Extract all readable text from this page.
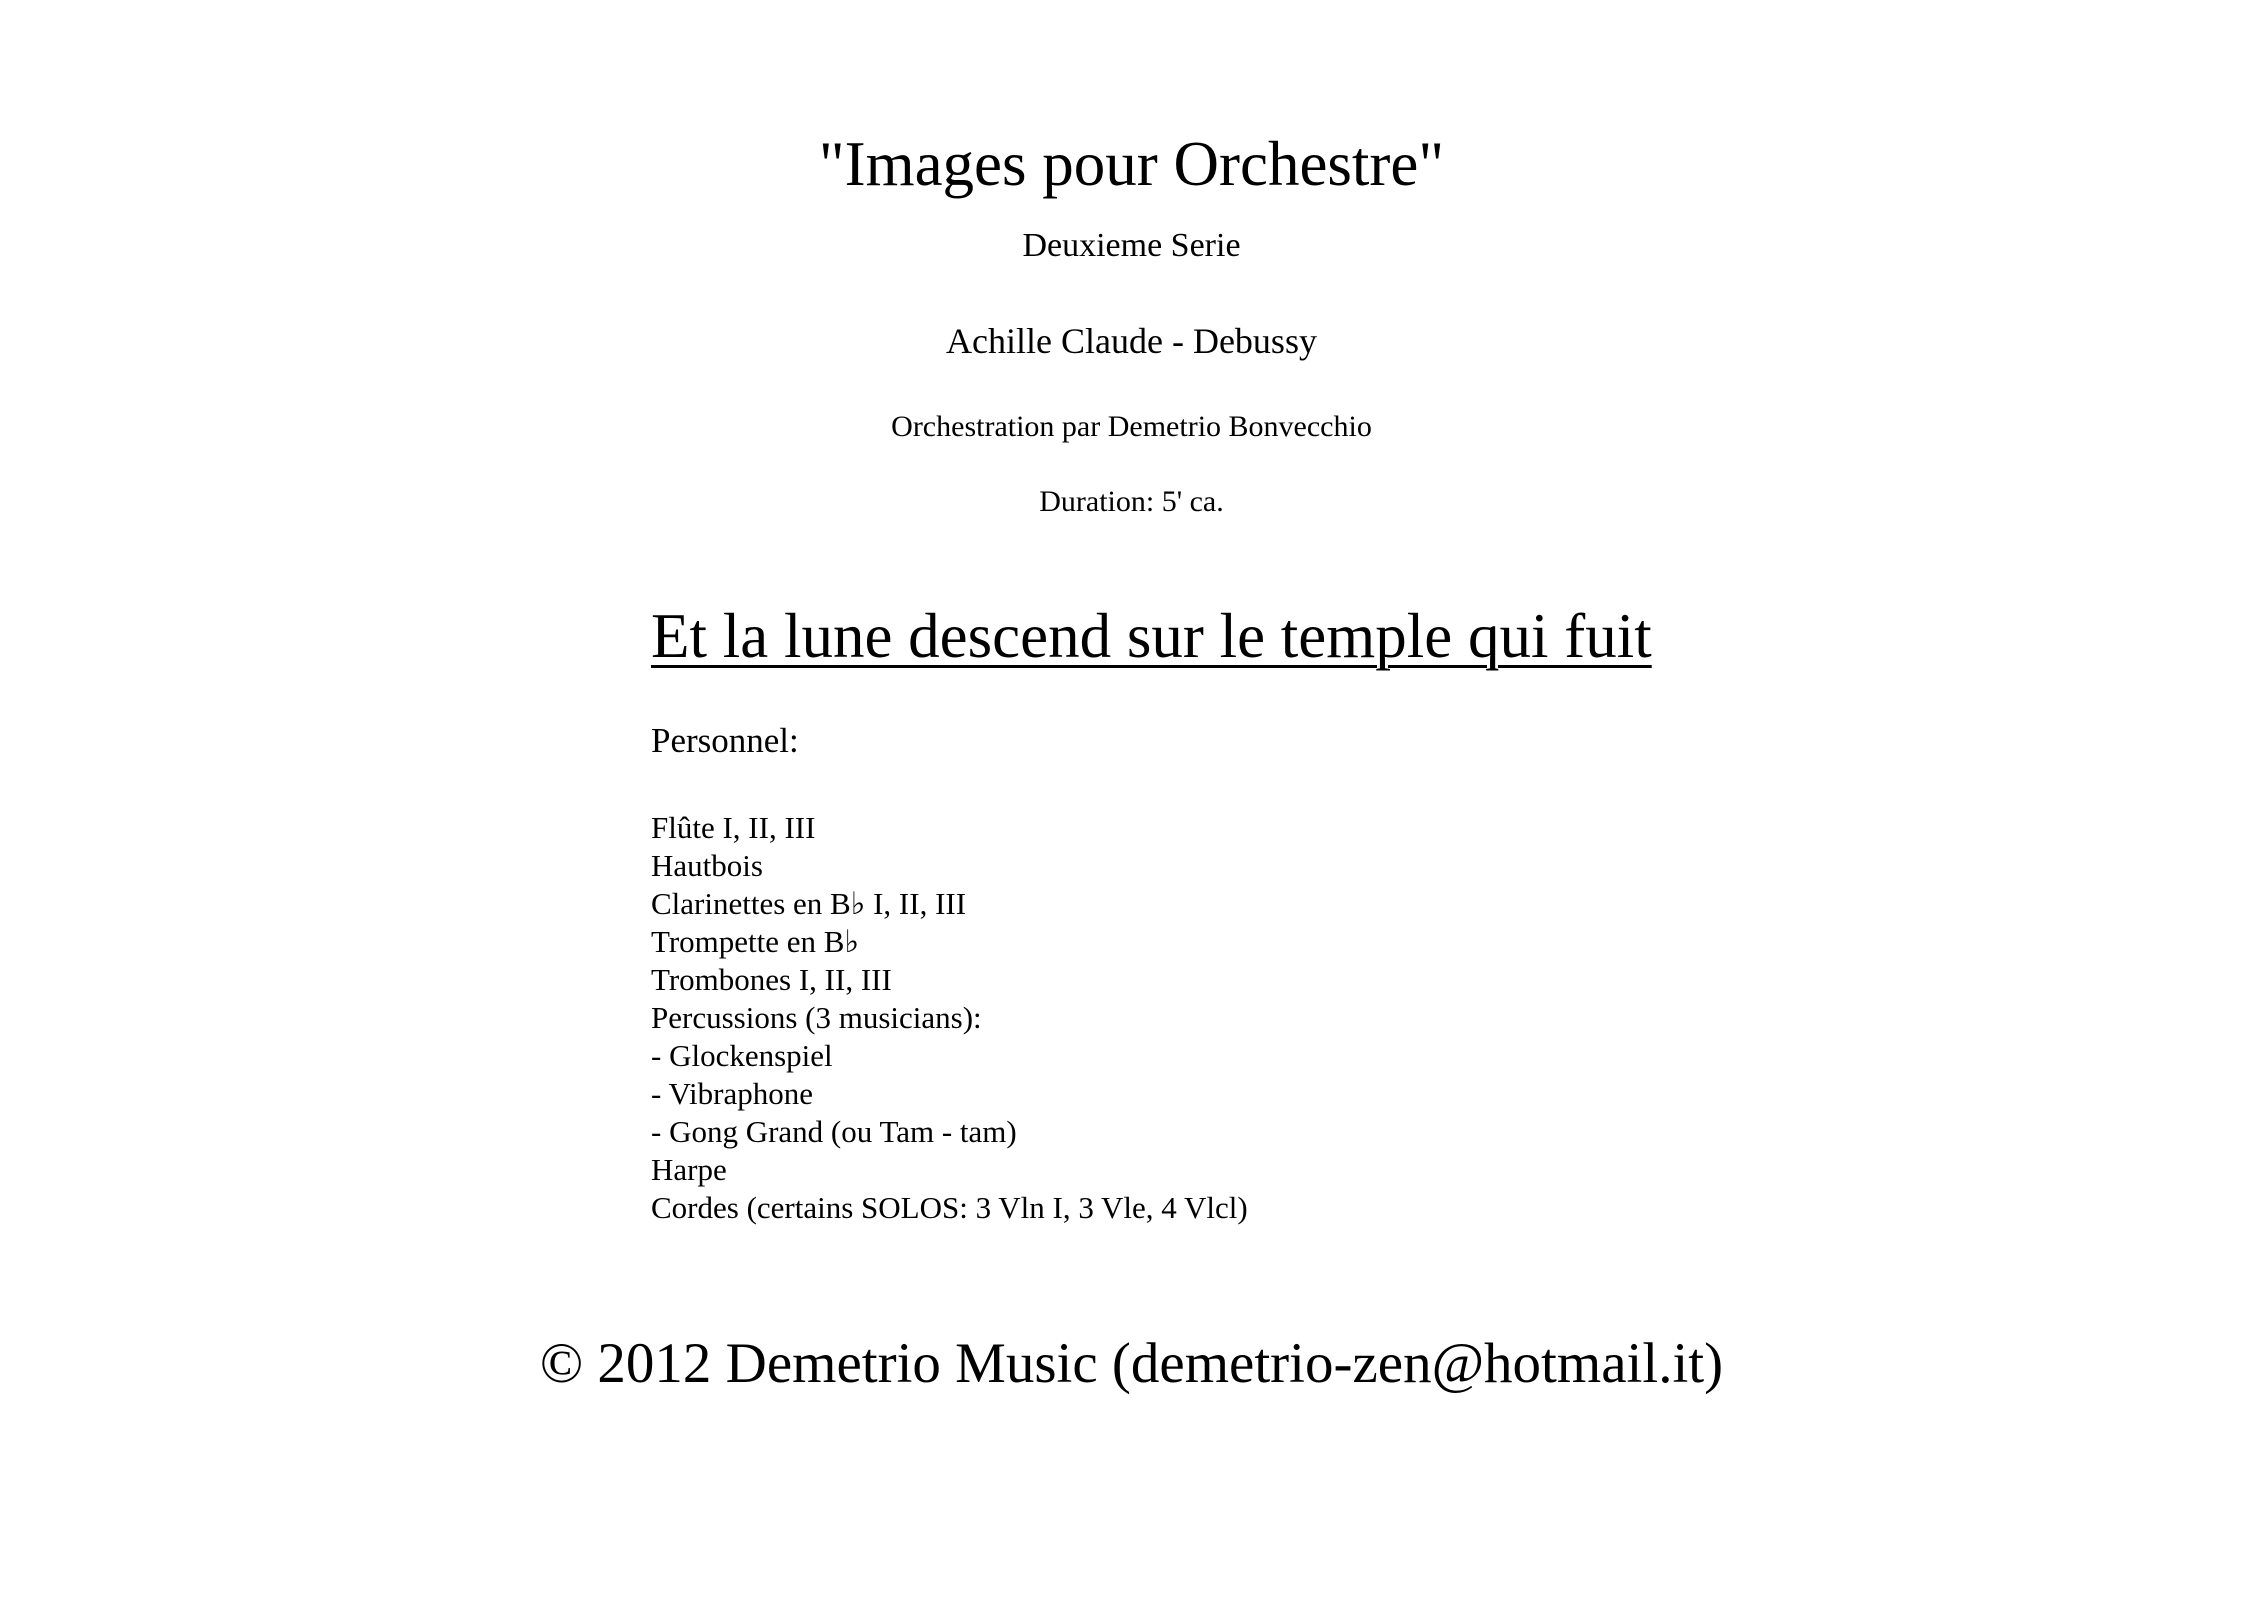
"Images pour Orchestre"
Deuxieme Serie
Achille Claude - Debussy
Orchestration par Demetrio Bonvecchio
Duration: 5' ca.
Et la lune descend sur le temple qui fuit
Personnel:
Flûte I, II, III
Hautbois
Clarinettes en B♭ I, II, III
Trompette en B♭
Trombones I, II, III
Percussions (3 musicians):
- Glockenspiel
- Vibraphone
- Gong Grand (ou Tam - tam)
Harpe
Cordes (certains SOLOS: 3 Vln I, 3 Vle, 4 Vlcl)
© 2012 Demetrio Music (demetrio-zen@hotmail.it)
